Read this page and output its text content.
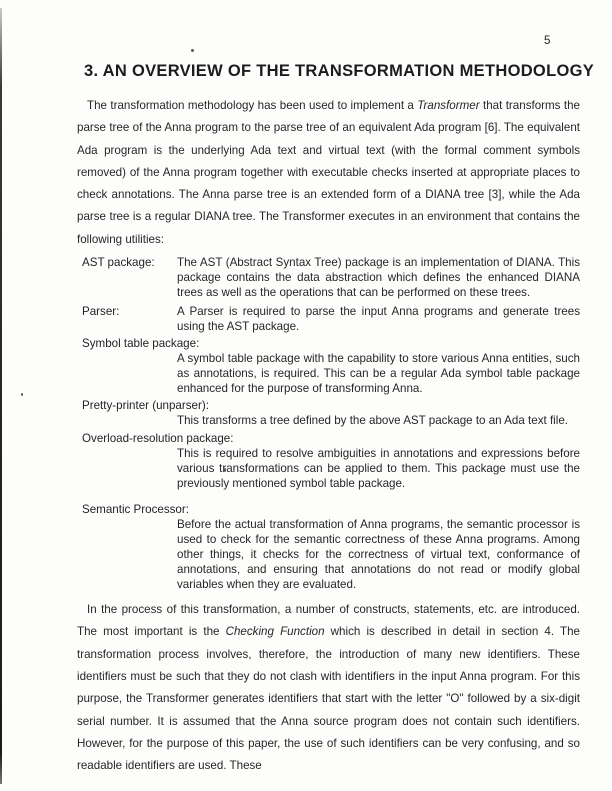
5
3. AN OVERVIEW OF THE TRANSFORMATION METHODOLOGY

The transformation methodology has been used to implement a Transformer that transforms the parse tree of the Anna program to the parse tree of an equivalent Ada program [6]. The equivalent Ada program is the underlying Ada text and virtual text (with the formal comment symbols removed) of the Anna program together with executable checks inserted at appropriate places to check annotations. The Anna parse tree is an extended form of a DIANA tree [3], while the Ada parse tree is a regular DIANA tree. The Transformer executes in an environment that contains the following utilities:

AST package:	The AST (Abstract Syntax Tree) package is an implementation of DIANA. This package contains the data abstraction which defines the enhanced DIANA trees as well as the operations that can be performed on these trees.
Parser:	A Parser is required to parse the input Anna programs and generate trees using the AST package.
Symbol table package:
A symbol table package with the capability to store various Anna entities, such as annotations, is required. This can be a regular Ada symbol table package enhanced for the purpose of transforming Anna.
Pretty-printer (unparser):
This transforms a tree defined by the above AST package to an Ada text file.
Overload-resolution package:
This is required to resolve ambiguities in annotations and expressions before various transformations can be applied to them. This package must use the previously mentioned symbol table package.
Semantic Processor:
Before the actual transformation of Anna programs, the semantic processor is used to check for the semantic correctness of these Anna programs. Among other things, it checks for the correctness of virtual text, conformance of annotations, and ensuring that annotations do not read or modify global variables when they are evaluated.

In the process of this transformation, a number of constructs, statements, etc. are introduced. The most important is the Checking Function which is described in detail in section 4. The transformation process involves, therefore, the introduction of many new identifiers. These identifiers must be such that they do not clash with identifiers in the input Anna program. For this purpose, the Transformer generates identifiers that start with the letter "O" followed by a six-digit serial number. It is assumed that the Anna source program does not contain such identifiers. However, for the purpose of this paper, the use of such identifiers can be very confusing, and so readable identifiers are used. These
